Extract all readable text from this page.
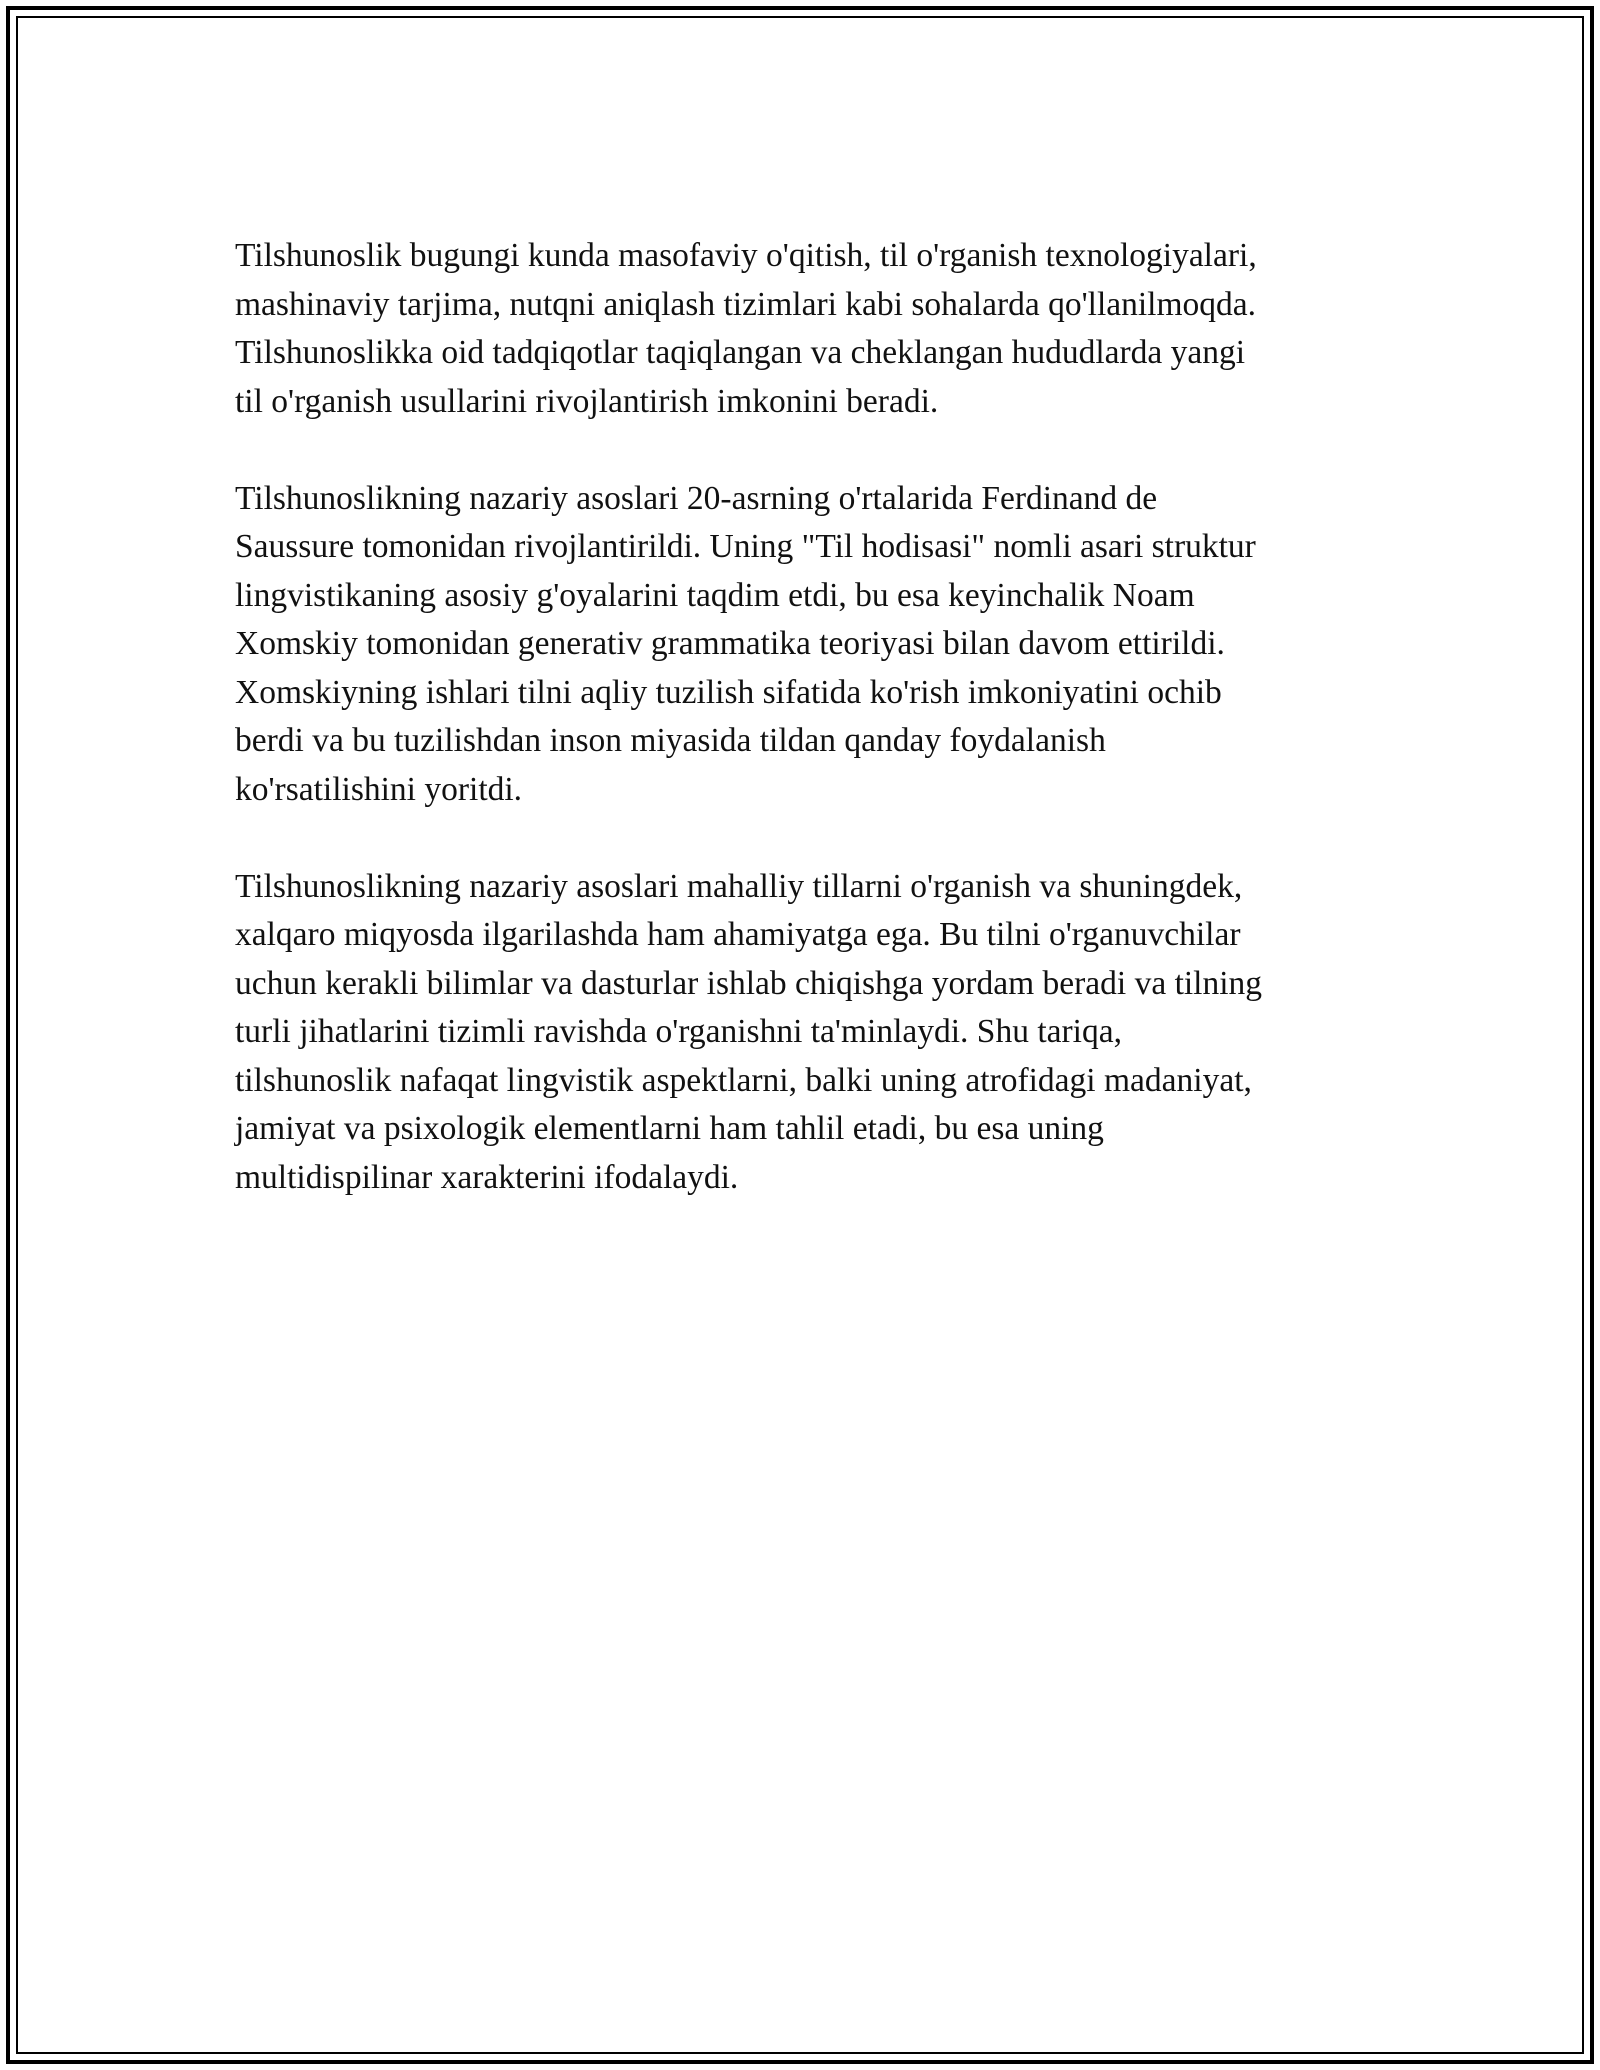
Tilshunoslik bugungi kunda masofaviy o'qitish, til o'rganish texnologiyalari,
mashinaviy tarjima, nutqni aniqlash tizimlari kabi sohalarda qo'llanilmoqda.
Tilshunoslikka oid tadqiqotlar taqiqlangan va cheklangan hududlarda yangi
til o'rganish usullarini rivojlantirish imkonini beradi.

Tilshunoslikning nazariy asoslari 20-asrning o'rtalarida Ferdinand de
Saussure tomonidan rivojlantirildi. Uning "Til hodisasi" nomli asari struktur
lingvistikaning asosiy g'oyalarini taqdim etdi, bu esa keyinchalik Noam
Xomskiy tomonidan generativ grammatika teoriyasi bilan davom ettirildi.
Xomskiyning ishlari tilni aqliy tuzilish sifatida ko'rish imkoniyatini ochib
berdi va bu tuzilishdan inson miyasida tildan qanday foydalanish
ko'rsatilishini yoritdi.

Tilshunoslikning nazariy asoslari mahalliy tillarni o'rganish va shuningdek,
xalqaro miqyosda ilgarilashda ham ahamiyatga ega. Bu tilni o'rganuvchilar
uchun kerakli bilimlar va dasturlar ishlab chiqishga yordam beradi va tilning
turli jihatlarini tizimli ravishda o'rganishni ta'minlaydi. Shu tariqa,
tilshunoslik nafaqat lingvistik aspektlarni, balki uning atrofidagi madaniyat,
jamiyat va psixologik elementlarni ham tahlil etadi, bu esa uning
multidispilinar xarakterini ifodalaydi.
